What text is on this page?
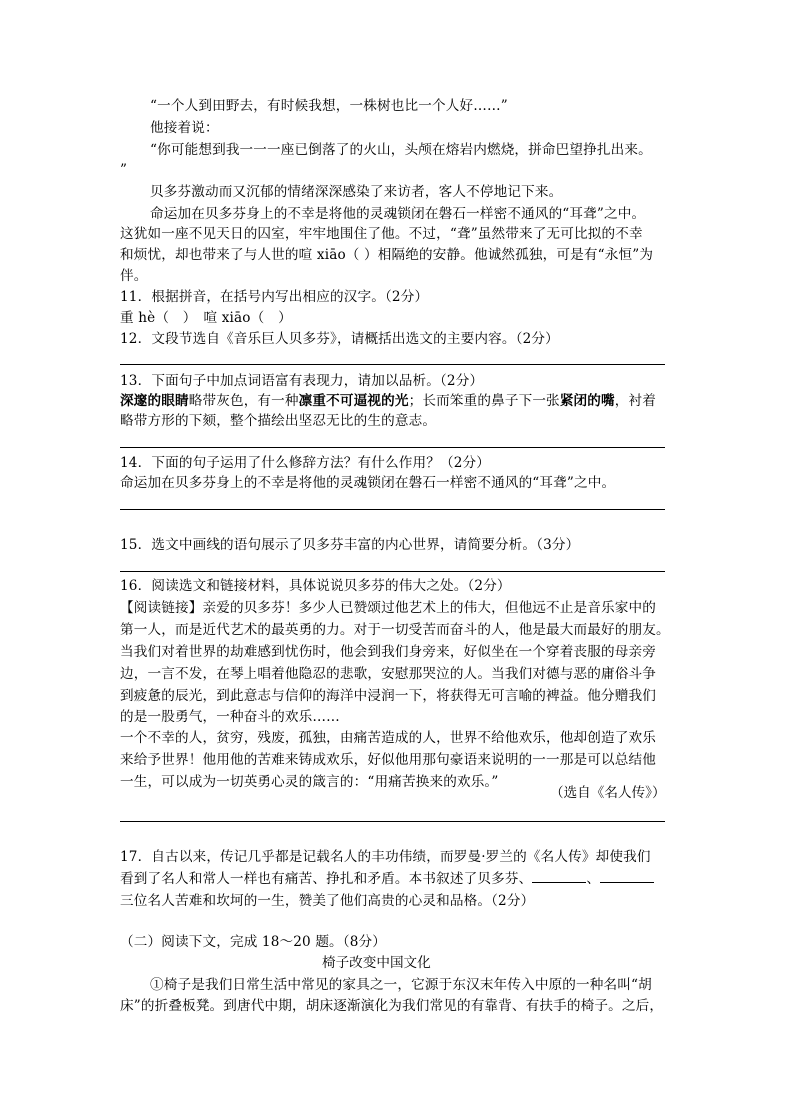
“一个人到田野去，有时候我想，一株树也比一个人好……”
他接着说：
“你可能想到我一一一座已倒落了的火山，头颅在熔岩内燃烧，拼命巴望挣扎出来。
”
贝多芬激动而又沉郁的情绪深深感染了来访者，客人不停地记下来。
命运加在贝多芬身上的不幸是将他的灵魂锁闭在磐石一样密不通风的“耳聋”之中。
这犹如一座不见天日的囚室，牢牢地围住了他。不过，“聋”虽然带来了无可比拟的不幸
和烦忧，却也带来了与人世的喧 xiāo（ ）相隔绝的安静。他诚然孤独，可是有“永恒”为
伴。
11．根据拼音，在括号内写出相应的汉字。（2分）
重 hè（　）　喧 xiāo（　）
12．文段节选自《音乐巨人贝多芬》，请概括出选文的主要内容。（2分）
13．下面句子中加点词语富有表现力，请加以品析。（2分）
深邃的眼睛略带灰色，有一种凛重不可逼视的光；长而笨重的鼻子下一张紧闭的嘴，衬着
略带方形的下颏，整个描绘出坚忍无比的生的意志。
14．下面的句子运用了什么修辞方法？有什么作用？（2分）
命运加在贝多芬身上的不幸是将他的灵魂锁闭在磐石一样密不通风的“耳聋”之中。
15．选文中画线的语句展示了贝多芬丰富的内心世界，请简要分析。（3分）
16．阅读选文和链接材料，具体说说贝多芬的伟大之处。（2分）
【阅读链接】亲爱的贝多芬！多少人已赞颂过他艺术上的伟大，但他远不止是音乐家中的
第一人，而是近代艺术的最英勇的力。对于一切受苦而奋斗的人，他是最大而最好的朋友。
当我们对着世界的劫难感到忧伤时，他会到我们身旁来，好似坐在一个穿着丧服的母亲旁
边，一言不发，在琴上唱着他隐忍的悲歌，安慰那哭泣的人。当我们对德与恶的庸俗斗争
到疲惫的辰光，到此意志与信仰的海洋中浸润一下，将获得无可言喻的裨益。他分赠我们
的是一股勇气，一种奋斗的欢乐……
一个不幸的人，贫穷，残废，孤独，由痛苦造成的人，世界不给他欢乐，他却创造了欢乐
来给予世界！他用他的苦难来铸成欢乐，好似他用那句豪语来说明的一一那是可以总结他
一生，可以成为一切英勇心灵的箴言的：“用痛苦换来的欢乐。”
（选自《名人传》）
17．自古以来，传记几乎都是记载名人的丰功伟绩，而罗曼·罗兰的《名人传》却使我们
看到了名人和常人一样也有痛苦、挣扎和矛盾。本书叙述了贝多芬、	、
三位名人苦难和坎坷的一生，赞美了他们高贵的心灵和品格。（2分）
（二）阅读下文，完成 18～20 题。（8分）
椅子改变中国文化
①椅子是我们日常生活中常见的家具之一，它源于东汉末年传入中原的一种名叫“胡
床”的折叠板凳。到唐代中期，胡床逐渐演化为我们常见的有靠背、有扶手的椅子。之后，
